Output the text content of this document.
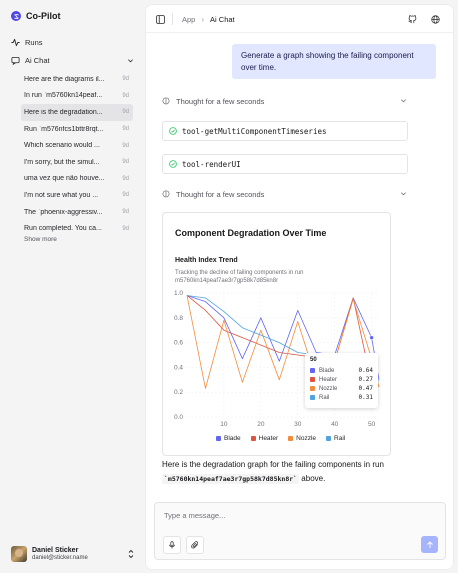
Co-Pilot
Runs
Ai Chat
Here are the diagrams il...	9d
In run `m5760kn14peaf...	9d
Here is the degradation...	9d
Run `m576nfcs1bttr8rqt...	9d
Which scenario would ...	9d
I'm sorry, but the simul...	9d
uma vez que não houve...	9d
I'm not sure what you ...	9d
The `phoenix-aggressiv...	9d
Run completed. You ca...	9d
Show more
Daniel Sticker
daniel@sticker.name
App › Ai Chat
Generate a graph showing the failing component over time.
Thought for a few seconds
tool-getMultiComponentTimeseries
tool-renderUI
Thought for a few seconds
Component Degradation Over Time
Health Index Trend
Tracking the decline of failing components in run m5760kn14peaf7ae3r7gp58k7d85kn8r
0.0
0.2
0.4
0.6
0.8
1.0
10	20	30	40	50
Blade	Heater	Nozzle	Rail
50
Blade	0.64
Heater	0.27
Nozzle	0.47
Rail	0.31
Here is the degradation graph for the failing components in run `m5760kn14peaf7ae3r7gp58k7d85kn8r` above.
Type a message...
